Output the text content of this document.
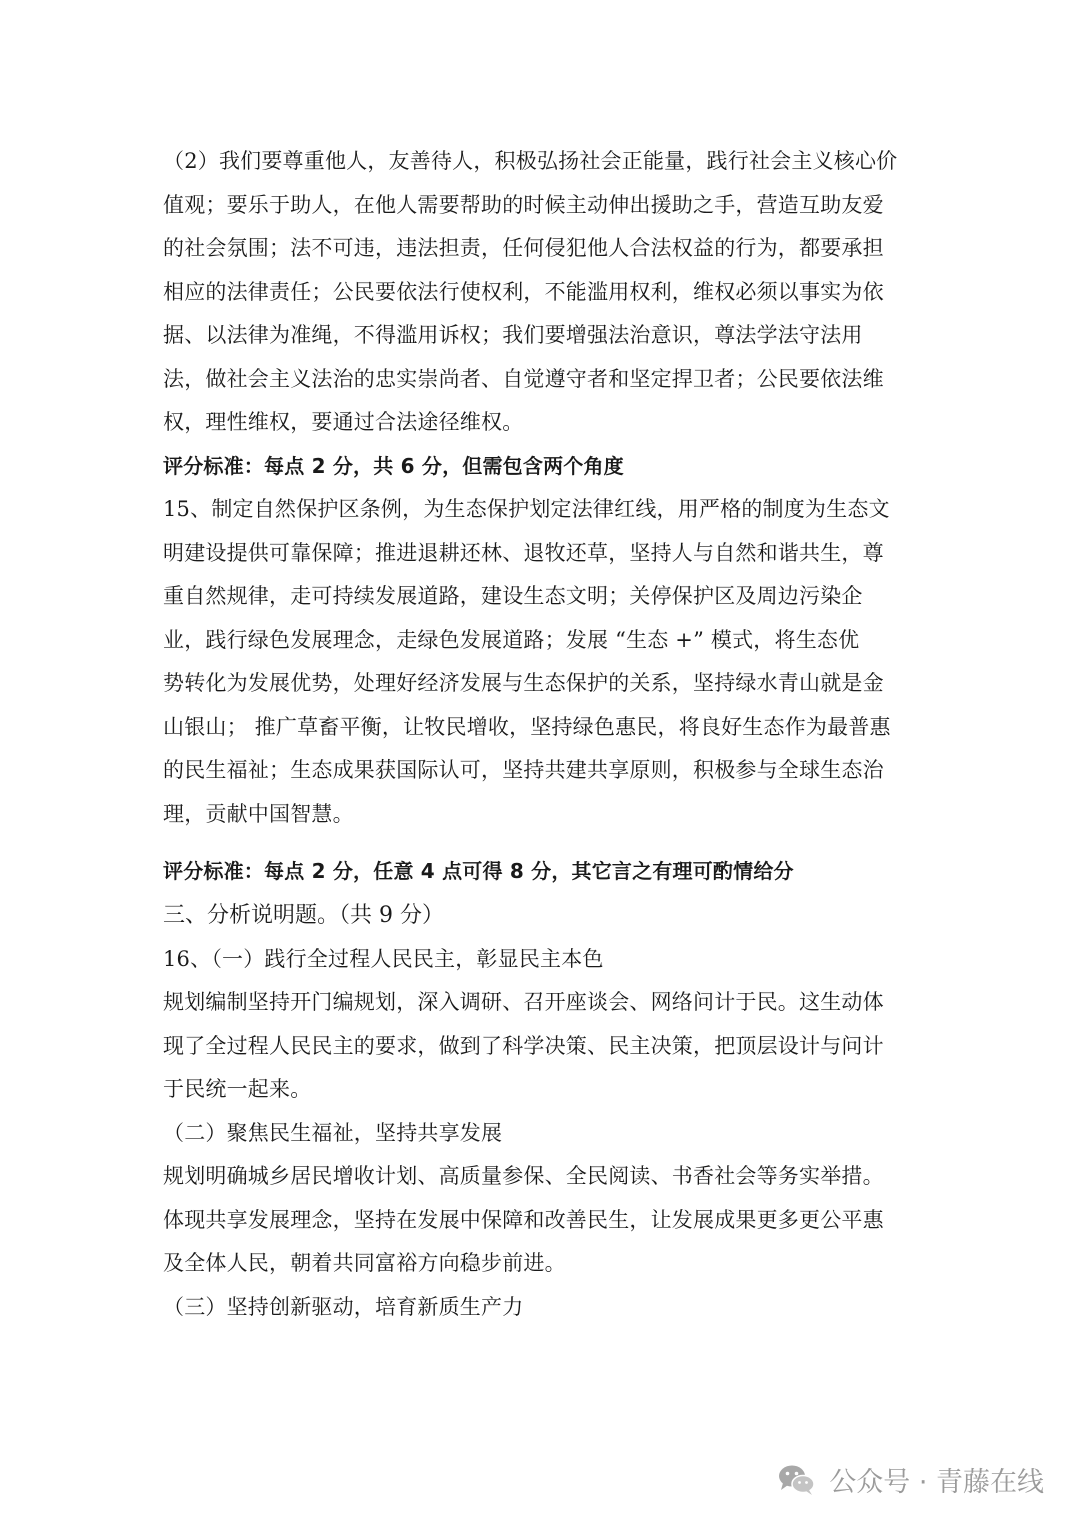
（2）我们要尊重他人，友善待人，积极弘扬社会正能量，践行社会主义核心价
值观；要乐于助人，在他人需要帮助的时候主动伸出援助之手，营造互助友爱
的社会氛围；法不可违，违法担责，任何侵犯他人合法权益的行为，都要承担
相应的法律责任；公民要依法行使权利，不能滥用权利，维权必须以事实为依
据、以法律为准绳，不得滥用诉权；我们要增强法治意识，尊法学法守法用
法，做社会主义法治的忠实崇尚者、自觉遵守者和坚定捍卫者；公民要依法维
权，理性维权，要通过合法途径维权。
评分标准：每点 2 分，共 6 分，但需包含两个角度
15、制定自然保护区条例，为生态保护划定法律红线，用严格的制度为生态文
明建设提供可靠保障；推进退耕还林、退牧还草，坚持人与自然和谐共生，尊
重自然规律，走可持续发展道路，建设生态文明；关停保护区及周边污染企
业，践行绿色发展理念，走绿色发展道路；发展 “生态 +” 模式，将生态优
势转化为发展优势，处理好经济发展与生态保护的关系，坚持绿水青山就是金
山银山； 推广草畜平衡，让牧民增收，坚持绿色惠民，将良好生态作为最普惠
的民生福祉；生态成果获国际认可，坚持共建共享原则，积极参与全球生态治
理，贡献中国智慧。
评分标准：每点 2 分，任意 4 点可得 8 分，其它言之有理可酌情给分
三、分析说明题。（共 9 分）
16、（一）践行全过程人民民主，彰显民主本色
规划编制坚持开门编规划，深入调研、召开座谈会、网络问计于民。这生动体
现了全过程人民民主的要求，做到了科学决策、民主决策，把顶层设计与问计
于民统一起来。
（二）聚焦民生福祉，坚持共享发展
规划明确城乡居民增收计划、高质量参保、全民阅读、书香社会等务实举措。
体现共享发展理念，坚持在发展中保障和改善民生，让发展成果更多更公平惠
及全体人民，朝着共同富裕方向稳步前进。
（三）坚持创新驱动，培育新质生产力
公众号 · 青藤在线
